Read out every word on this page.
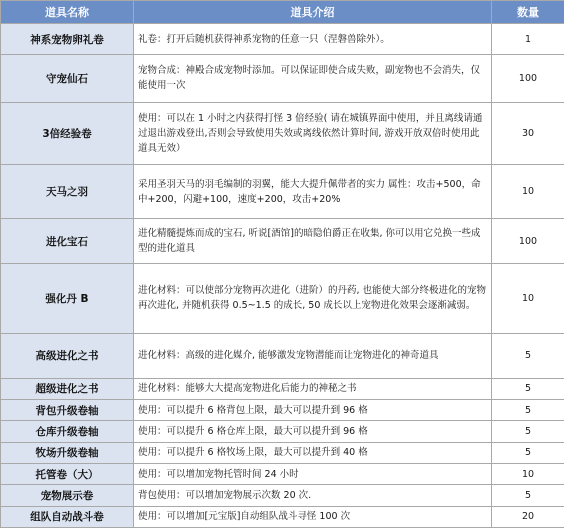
道具名称	道具介绍	数量
神系宠物卵礼卷	礼卷：打开后随机获得神系宠物的任意一只（涅磐兽除外）。	1
守宠仙石	宠物合成：神殿合成宠物时添加。可以保证即使合成失败，副宠物也不会消失，仅能使用一次	100
3倍经验卷	使用：可以在 1 小时之内获得打怪 3 倍经验( 请在城镇界面中使用，并且离线请通过退出游戏登出,否则会导致使用失效或离线依然计算时间, 游戏开放双倍时使用此道具无效）	30
天马之羽	采用圣羽天马的羽毛编制的羽翼，能大大提升佩带者的实力 属性：攻击+500，命中+200，闪避+100，速度+200，攻击+20%	10
进化宝石	进化精髓提炼而成的宝石, 听说[酒馆]的暗隐伯爵正在收集, 你可以用它兑换一些成型的进化道具	100
强化丹 B	进化材料：可以使部分宠物再次进化（进阶）的丹药, 也能使大部分终极进化的宠物再次进化, 并随机获得 0.5~1.5 的成长, 50 成长以上宠物进化效果会逐渐减弱。	10
高级进化之书	进化材料：高级的进化媒介, 能够激发宠物潜能而让宠物进化的神奇道具	5
超级进化之书	进化材料：能够大大提高宠物进化后能力的神秘之书	5
背包升级卷轴	使用：可以提升 6 格背包上限，最大可以提升到 96 格	5
仓库升级卷轴	使用：可以提升 6 格仓库上限，最大可以提升到 96 格	5
牧场升级卷轴	使用：可以提升 6 格牧场上限，最大可以提升到 40 格	5
托管卷（大）	使用：可以增加宠物托管时间 24 小时	10
宠物展示卷	背包使用：可以增加宠物展示次数 20 次.	5
组队自动战斗卷	使用：可以增加[元宝版]自动组队战斗寻怪 100 次	20
